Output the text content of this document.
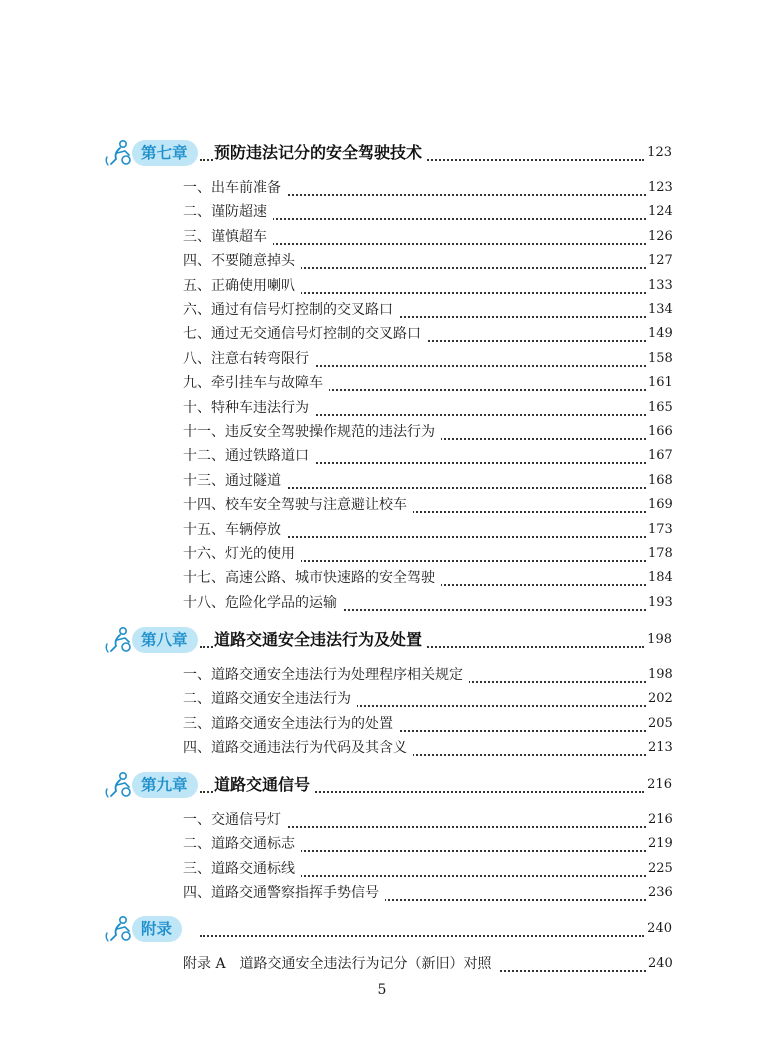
第七章	预防违法记分的安全驾驶技术	123
一、出车前准备	123
二、谨防超速	124
三、谨慎超车	126
四、不要随意掉头	127
五、正确使用喇叭	133
六、通过有信号灯控制的交叉路口	134
七、通过无交通信号灯控制的交叉路口	149
八、注意右转弯限行	158
九、牵引挂车与故障车	161
十、特种车违法行为	165
十一、违反安全驾驶操作规范的违法行为	166
十二、通过铁路道口	167
十三、通过隧道	168
十四、校车安全驾驶与注意避让校车	169
十五、车辆停放	173
十六、灯光的使用	178
十七、高速公路、城市快速路的安全驾驶	184
十八、危险化学品的运输	193
第八章	道路交通安全违法行为及处置	198
一、道路交通安全违法行为处理程序相关规定	198
二、道路交通安全违法行为	202
三、道路交通安全违法行为的处置	205
四、道路交通违法行为代码及其含义	213
第九章	道路交通信号	216
一、交通信号灯	216
二、道路交通标志	219
三、道路交通标线	225
四、道路交通警察指挥手势信号	236
附录	240
附录 A　道路交通安全违法行为记分（新旧）对照	240
5
